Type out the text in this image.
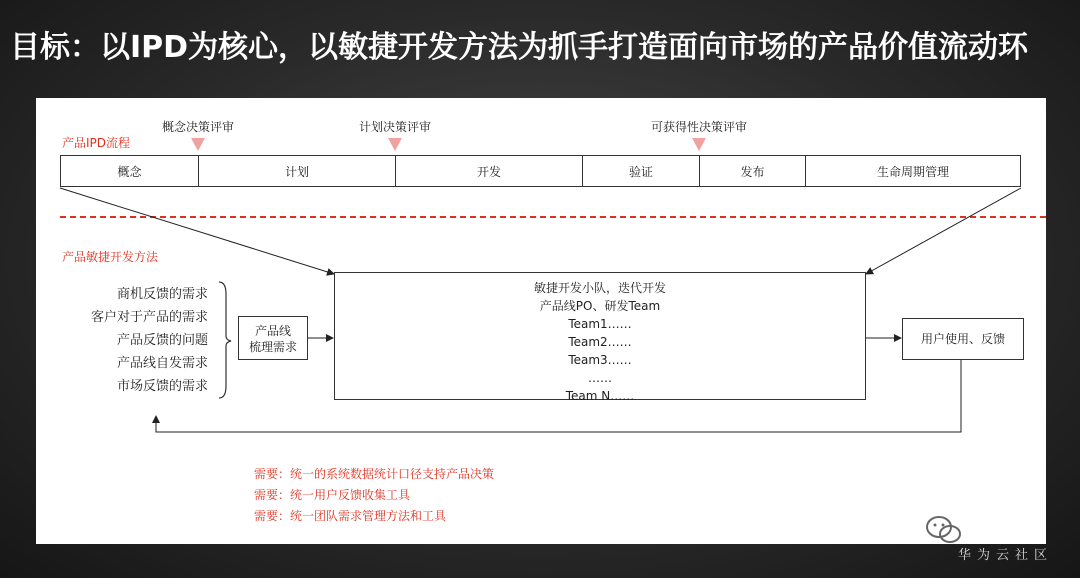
目标：以IPD为核心，以敏捷开发方法为抓手打造面向市场的产品价值流动环
产品IPD流程
概念决策评审	计划决策评审	可获得性决策评审
概念	计划	开发	验证	发布	生命周期管理
产品敏捷开发方法
商机反馈的需求
客户对于产品的需求
产品反馈的问题
产品线自发需求
市场反馈的需求
产品线
梳理需求
敏捷开发小队，迭代开发
产品线PO、研发Team
Team1……
Team2……
Team3……
……
Team N……
用户使用、反馈
需要：统一的系统数据统计口径支持产品决策
需要：统一用户反馈收集工具
需要：统一团队需求管理方法和工具
敏捷家
华为云社区
